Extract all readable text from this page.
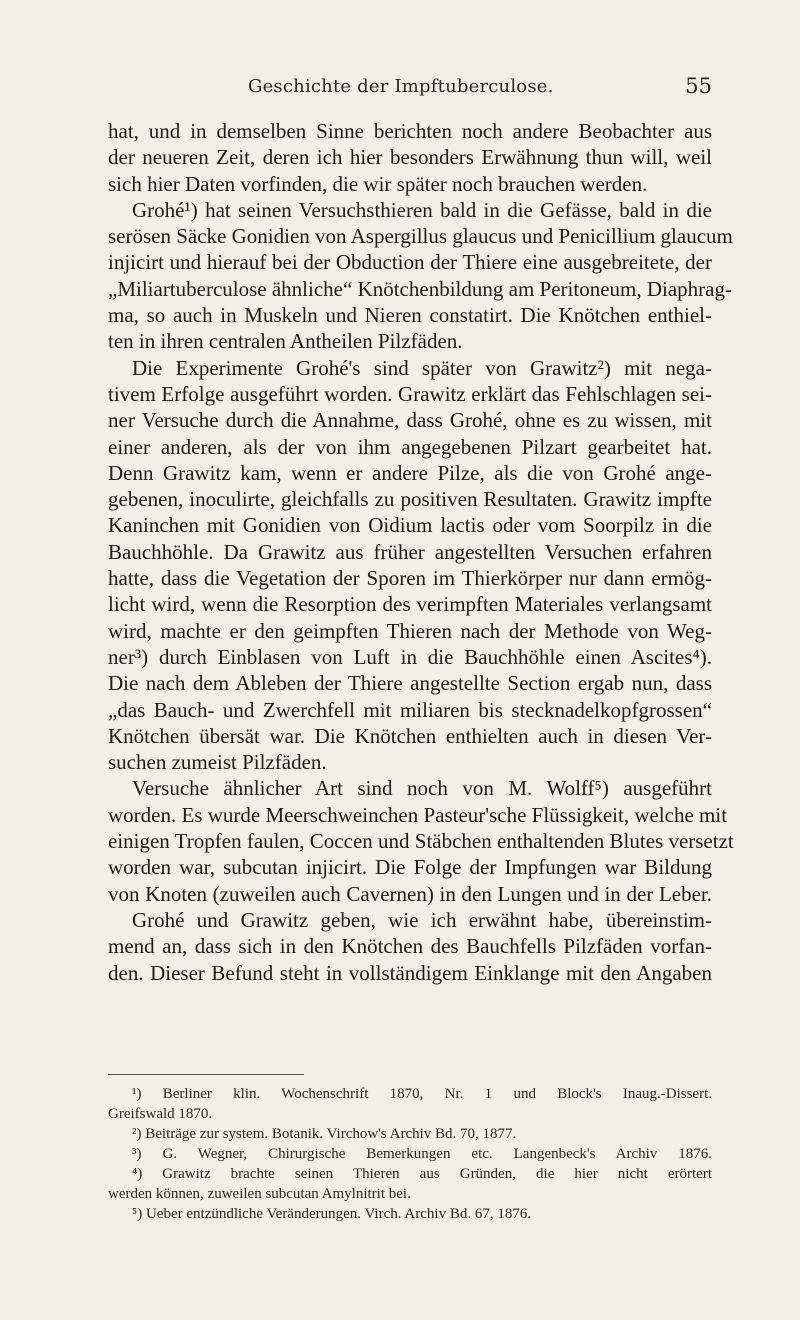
Geschichte der Impftuberculose.	55
hat, und in demselben Sinne berichten noch andere Beobachter aus
der neueren Zeit, deren ich hier besonders Erwähnung thun will, weil
sich hier Daten vorfinden, die wir später noch brauchen werden.
Grohé¹) hat seinen Versuchsthieren bald in die Gefässe, bald in die
serösen Säcke Gonidien von Aspergillus glaucus und Penicillium glaucum
injicirt und hierauf bei der Obduction der Thiere eine ausgebreitete, der
„Miliartuberculose ähnliche“ Knötchenbildung am Peritoneum, Diaphrag-
ma, so auch in Muskeln und Nieren constatirt. Die Knötchen enthiel-
ten in ihren centralen Antheilen Pilzfäden.
Die Experimente Grohé's sind später von Grawitz²) mit nega-
tivem Erfolge ausgeführt worden. Grawitz erklärt das Fehlschlagen sei-
ner Versuche durch die Annahme, dass Grohé, ohne es zu wissen, mit
einer anderen, als der von ihm angegebenen Pilzart gearbeitet hat.
Denn Grawitz kam, wenn er andere Pilze, als die von Grohé ange-
gebenen, inoculirte, gleichfalls zu positiven Resultaten. Grawitz impfte
Kaninchen mit Gonidien von Oidium lactis oder vom Soorpilz in die
Bauchhöhle. Da Grawitz aus früher angestellten Versuchen erfahren
hatte, dass die Vegetation der Sporen im Thierkörper nur dann ermög-
licht wird, wenn die Resorption des verimpften Materiales verlangsamt
wird, machte er den geimpften Thieren nach der Methode von Weg-
ner³) durch Einblasen von Luft in die Bauchhöhle einen Ascites⁴).
Die nach dem Ableben der Thiere angestellte Section ergab nun, dass
„das Bauch- und Zwerchfell mit miliaren bis stecknadelkopfgrossen“
Knötchen übersät war. Die Knötchen enthielten auch in diesen Ver-
suchen zumeist Pilzfäden.
Versuche ähnlicher Art sind noch von M. Wolff⁵) ausgeführt
worden. Es wurde Meerschweinchen Pasteur'sche Flüssigkeit, welche mit
einigen Tropfen faulen, Coccen und Stäbchen enthaltenden Blutes versetzt
worden war, subcutan injicirt. Die Folge der Impfungen war Bildung
von Knoten (zuweilen auch Cavernen) in den Lungen und in der Leber.
Grohé und Grawitz geben, wie ich erwähnt habe, übereinstim-
mend an, dass sich in den Knötchen des Bauchfells Pilzfäden vorfan-
den. Dieser Befund steht in vollständigem Einklange mit den Angaben
¹) Berliner klin. Wochenschrift 1870, Nr. 1 und Block's Inaug.-Dissert.
Greifswald 1870.
²) Beiträge zur system. Botanik. Virchow's Archiv Bd. 70, 1877.
³) G. Wegner, Chirurgische Bemerkungen etc. Langenbeck's Archiv 1876.
⁴) Grawitz brachte seinen Thieren aus Gründen, die hier nicht erörtert
werden können, zuweilen subcutan Amylnitrit bei.
⁵) Ueber entzündliche Veränderungen. Virch. Archiv Bd. 67, 1876.
